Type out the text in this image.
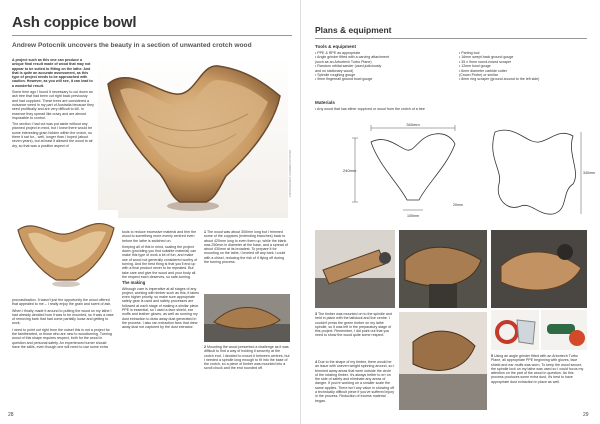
Ash coppice bowl
Andrew Potocnik uncovers the beauty in a section of unwanted crotch wood

A project such as this one can produce a unique final result made of wood that may not appear to be suited to fitting on the lathe. And that is quite an accurate assessment, as this type of project needs to be approached with caution. However, as you will see, it can lead to a wonderful result.

Some time ago I found it necessary to cut down an ash tree that had been cut right back previously and had coppiced. These trees are considered a nuisance weed in my part of Australia because they seed prolifically and are very difficult to kill. In essence they spread like crazy and are almost impossible to control.

The section I had cut was put aside without any planned project in mind, but I knew there would be some interesting grain hidden within the crotch, so there it sat for... well, longer than I hoped (about seven years), but at least it allowed the wood to air dry, so that was a positive aspect of

PHOTOGRAPHY: ANDREW POTOCNIK

procrastination. It wasn't just the opportunity the wood offered that appealed to me – I really enjoy the grain and scent of ash.

When I finally made it around to putting the wood on my lathe I had already decided how it was to be mounted, so it was a case of removing bark that had come partially loose and getting to work.

I need to point out right from the outset this is not a project for the fainthearted, or those who are new to woodturning. Turning wood of this shape requires respect, both for the wood in question and personal safety. An experienced turner should have the skills, even though one will need to use some extra

tools to reduce excessive material and trim the wood to something more evenly centred even before the lathe is switched on.

Keeping all of this in mind, scaling the project down (providing you find suitable material) can make this type of work a lot of fun, and make use of wood not generally considered worthy of turning. And the best thing is that you'll end up with a final product never to be repeated. But take care and give the wood and your body all the respect each deserves, so safe-turning.

The making

Although care is imperative at all stages of any project, working with timber such as this, it takes even higher priority, so make sure appropriate safety gear is used and safety processes are followed at each stage of making a similar piece. PPE is essential, so I used a face shield, ear muffs and leather gloves, as well as running my dust extraction to draw away dust generated in the process. I also ran extraction fans that drew away dust not captured by the dust extractor.

1 The wood was about 300mm long but I trimmed some of the coppices (extending branches) back to about 420mm long to even them up, while the blank was 250mm in diameter at the base, and a spread of about 430mm at its broadest. To prepare it for mounting on the lathe, I leveled off any bark I could with a chisel, reducing the risk of it flying off during the turning process.

2 Mounting the wood presented a challenge as it was difficult to find a way of holding it securely at the crotch end. I decided to mount it between centres, but I needed a spindle long enough to fit into the base of the crotch, so a piece of timber was mounted into a scroll chuck and the end rounded off.

28
Plans & equipment
Tools & equipment
• PPE & RPE as appropriate
• Angle grinder fitted with a carving attachment
(such as an Arbortech Turbo Plane)
• Random orbital sander (used judiciously
and on stationary wood)
• Spindle roughing gouge
• 9mm fingernail ground bowl gouge
• Parting tool
• 16mm swept back ground gouge
• 35 x 9mm round-nosed scraper
• 12mm bowl gouge
• 6mm diameter carbide cutter
(Crown Probe) or similar
• 8mm ring scraper (ground around to the left side)
Materials
• Any wood that has either coppiced or wood from the crotch of a tree
340mm
240mm
105mm
20mm
340mm

3 The timber was mounted on to the spindle and held in place with the tailstock and live centre. I couldn't press the green timber on my lathe spindle, so it was left in the preparatory stage of this project. Remember, I did point out that you need to show the wood quite some respect.

4 Due to the shape of my timber, there would be an issue with uneven weight spinning around, so I trimmed away areas that were outside the circle of the rotating timber. It's always better to err on the side of safety and eliminate any areas of danger. If you're working on a smaller scale the same applies. There isn't any value in showing off a technically difficult piece if you've suffered injury in the process. Reduction of excess material began.

5 Using an angle grinder fitted with an Arbortech Turbo Plane, all appropriate PPE beginning with gloves, face shield and ear muffs was worn. To keep the wood secure, the spindle lock on my lathe was used so I could focus my attention on the part of the wood in question. As this process produces some extra dust, it's best to have appropriate dust extraction in place as well.

29
